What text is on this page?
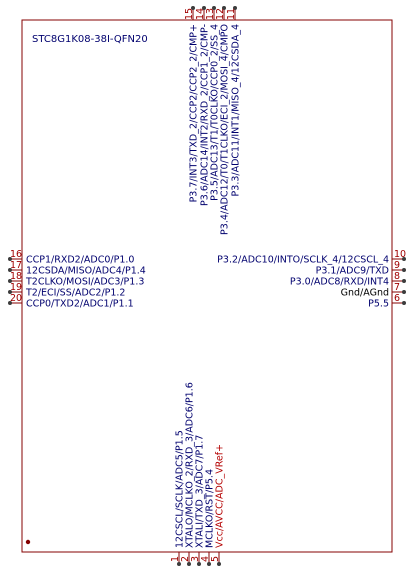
STC8G1K08-38I-QFN20
16 CCP1/RXD2/ADC0/P1.0
17 12CSDA/MISO/ADC4/P1.4
18 T2CLKO/MOSI/ADC3/P1.3
19 T2/ECI/SS/ADC2/P1.2
20 CCP0/TXD2/ADC1/P1.1
10
P3.2/ADC10/INTO/SCLK_4/12CSCL_4 9
P3.1/ADC9/TXD 8
P3.0/ADC8/RXD/INT4 7
Gnd/AGnd 6
P5.5
15
P3.7/INT3/TXD_2/CCP2/CCP2_2/CMP+
14
P3.6/ADC14/INT2/RXD_2/CCP1_2/CMP-
13
P3.5/ADC13/T1/T0CLKO/CCP0_2/SS_4
12
P3.4/ADC12/T0/T1CLKO/ECI_2/MOSI_4/CMPO
11
P3.3/ADC11/INT1/MISO_4/12CSDA_4
1
12CSCL/SCLK/ADC5/P1.5
2
XTALO/MCLKO_2/RXD_3/ADC6/P1.6
3
XTALI/TXD_3/ADC7/P1.7
4
MCLKO/RST/P5.4
5
Vcc/AVCC/ADC_VRef+
